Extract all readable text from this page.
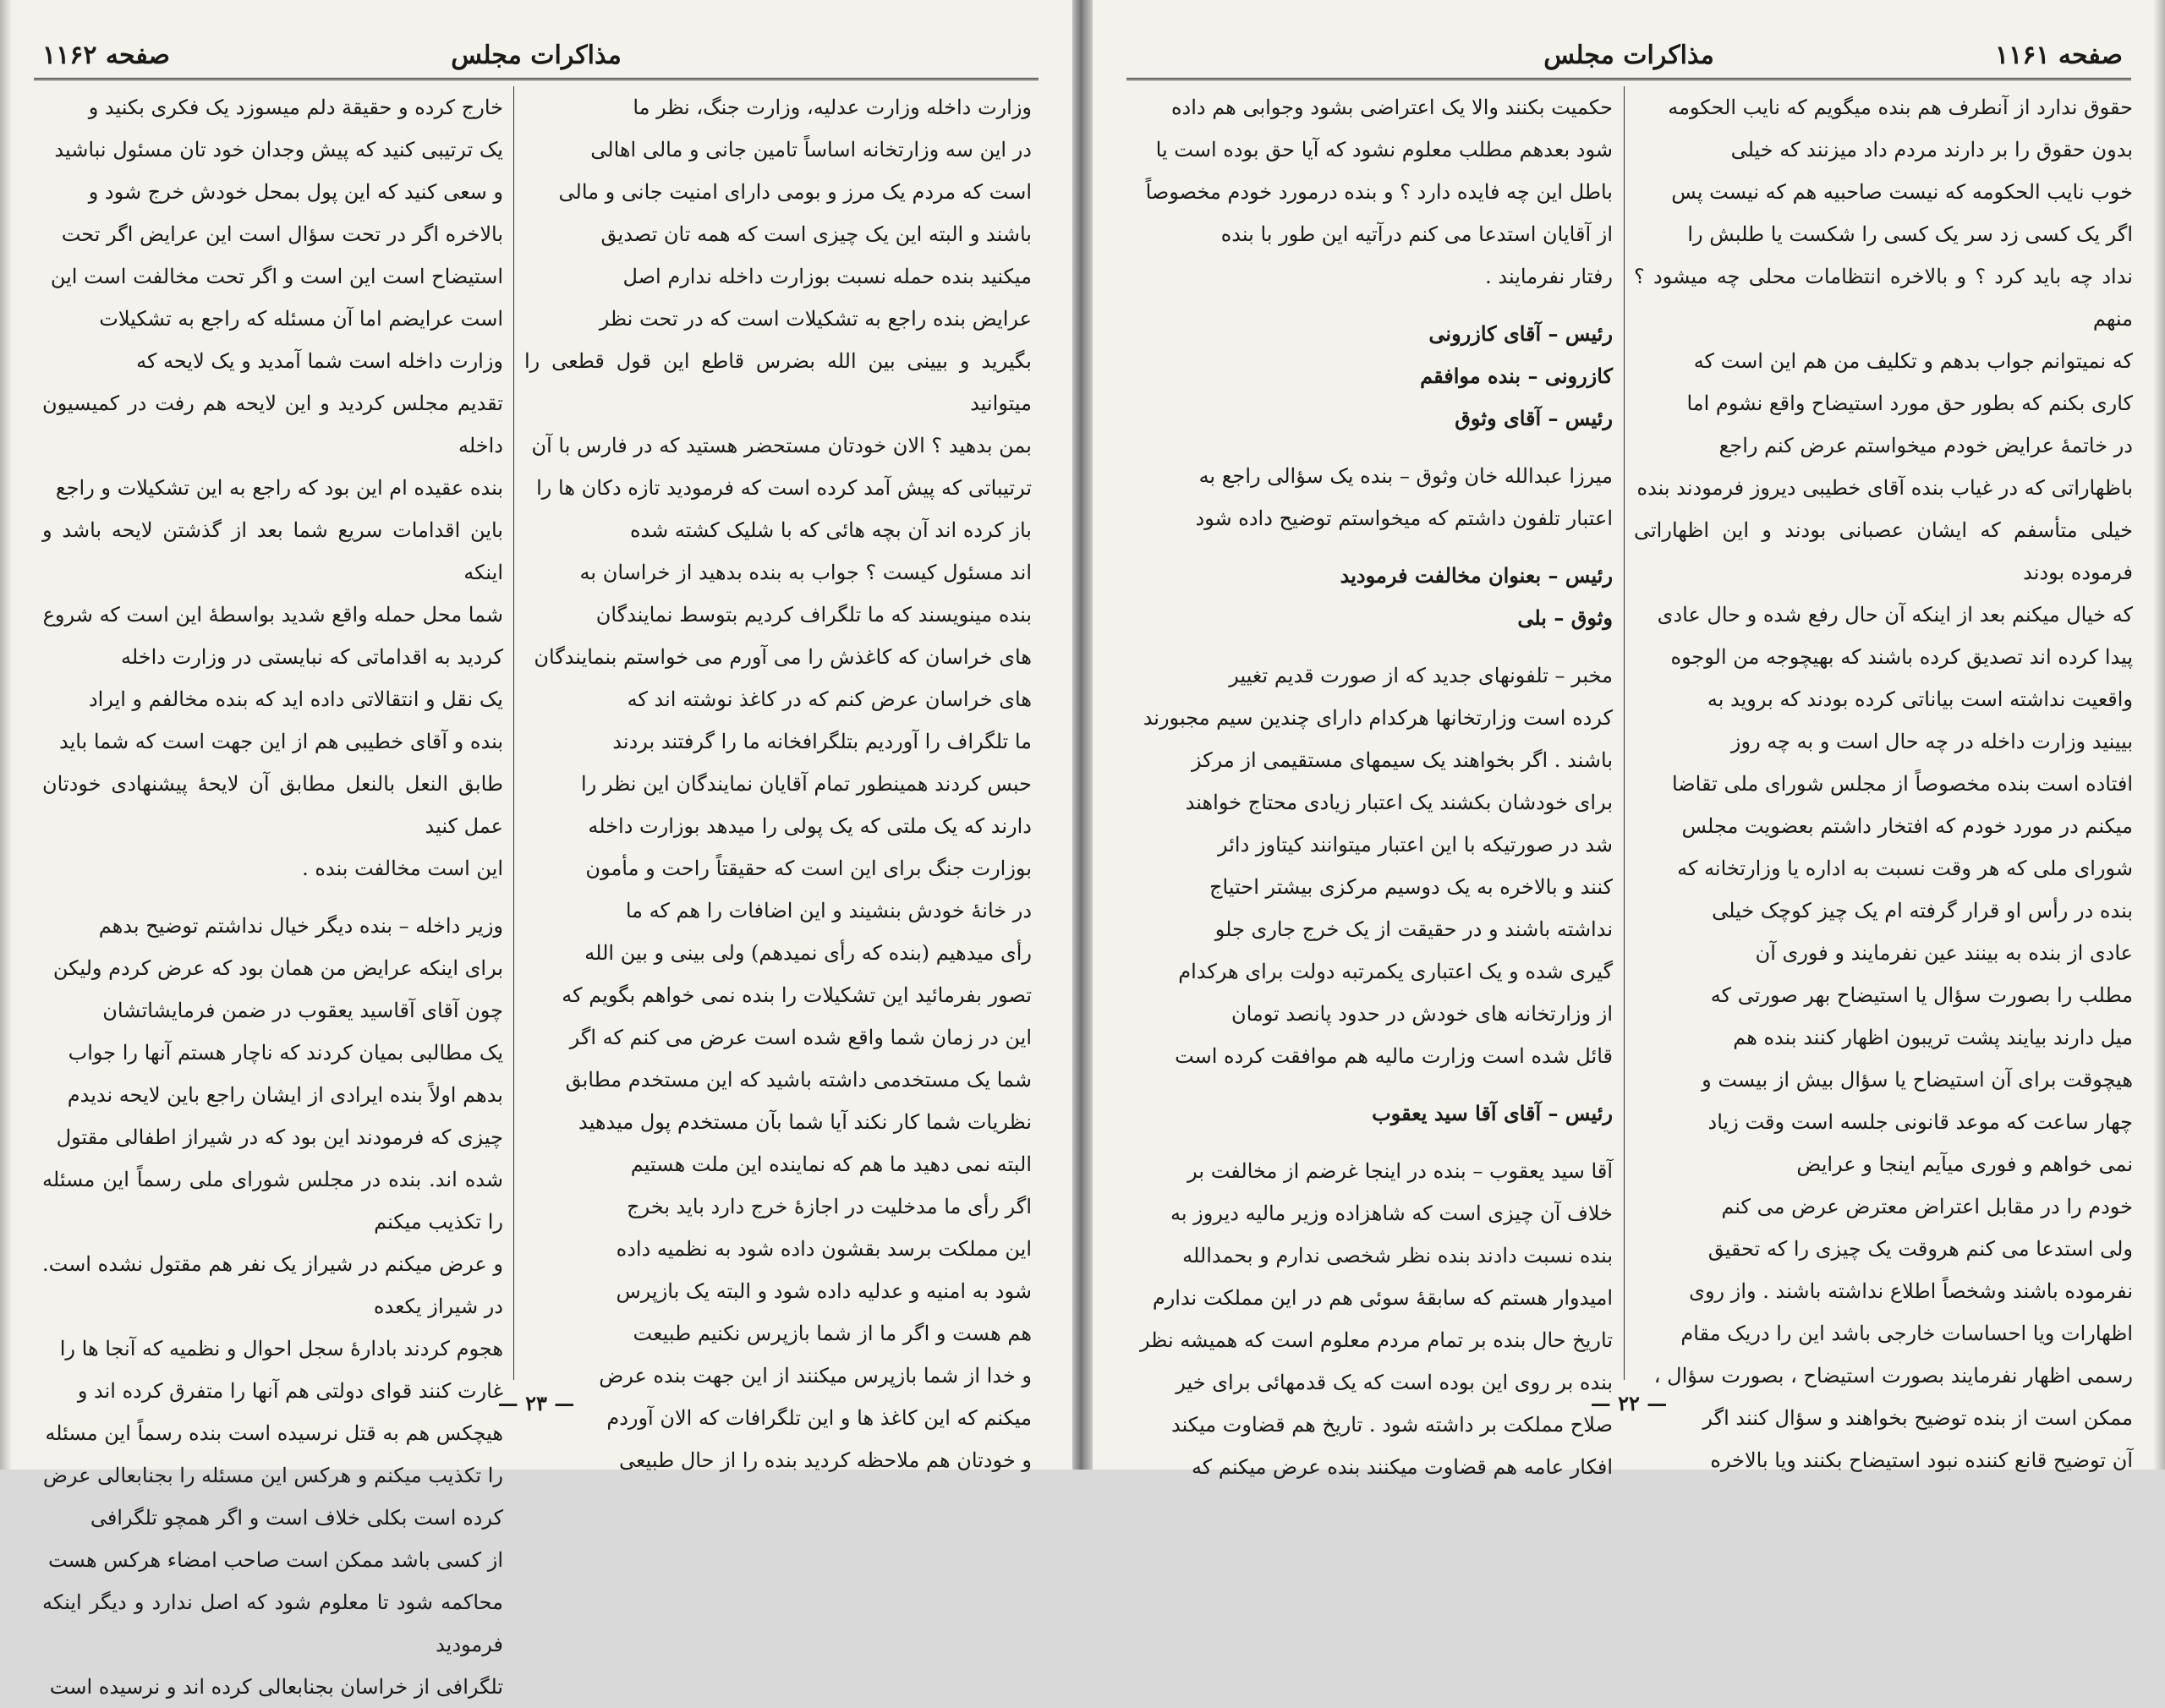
مذاکرات مجلس
صفحه ۱۱۶۲

وزارت داخله وزارت عدلیه، وزارت جنگ، نظر ما

در این سه وزارتخانه اساساً تامین جانی و مالی اهالی

است که مردم یک مرز و بومی دارای امنیت جانی و مالی

باشند و البته این یک چیزی است که همه تان تصدیق

میکنید بنده حمله نسبت بوزارت داخله ندارم اصل

عرایض بنده راجع به تشکیلات است که در تحت نظر

بگیرید و بیینی بین الله بضرس قاطع این قول قطعی را میتوانید

بمن بدهید ؟ الان خودتان مستحضر هستید که در فارس با آن

ترتیباتی که پیش آمد کرده است که فرمودید تازه دکان ها را

باز کرده اند آن بچه هائی که با شلیک کشته شده

اند مسئول کیست ؟ جواب به بنده بدهید از خراسان به

بنده مینویسند که ما تلگراف کردیم بتوسط نمایندگان

های خراسان که کاغذش را می آورم می خواستم بنمایندگان

های خراسان عرض کنم که در کاغذ نوشته اند که

ما تلگراف را آوردیم بتلگرافخانه ما را گرفتند بردند

حبس کردند همینطور تمام آقایان نمایندگان این نظر را

دارند که یک ملتی که یک پولی را میدهد بوزارت داخله

بوزارت جنگ برای این است که حقیقتاً راحت و مأمون

در خانهٔ خودش بنشیند و این اضافات را هم که ما

رأی میدهیم (بنده که رأی نمیدهم) ولی بینی و بین الله

تصور بفرمائید این تشکیلات را بنده نمی خواهم بگویم که

این در زمان شما واقع شده است عرض می کنم که اگر

شما یک مستخدمی داشته باشید که این مستخدم مطابق

نظریات شما کار نکند آیا شما بآن مستخدم پول میدهید

البته نمی دهید ما هم که نماینده این ملت هستیم

اگر رأی ما مدخلیت در اجازهٔ خرج دارد باید بخرج

این مملکت برسد بقشون داده شود به نظمیه داده

شود به امنیه و عدلیه داده شود و البته یک بازپرس

هم هست و اگر ما از شما بازپرس نکنیم طبیعت

و خدا از شما بازپرس میکنند از این جهت بنده عرض

میکنم که این کاغذ ها و این تلگرافات که الان آوردم

و خودتان هم ملاحظه کردید بنده را از حال طبیعی

خارج کرده و حقیقة دلم میسوزد یک فکری بکنید و

یک ترتیبی کنید که پیش وجدان خود تان مسئول نباشید

و سعی کنید که این پول بمحل خودش خرج شود و

بالاخره اگر در تحت سؤال است این عرایض اگر تحت

استیضاح است این است و اگر تحت مخالفت است این

است عرایضم اما آن مسئله که راجع به تشکیلات

وزارت داخله است شما آمدید و یک لایحه که

تقدیم مجلس کردید و این لایحه هم رفت در کمیسیون داخله

بنده عقیده ام این بود که راجع به این تشکیلات و راجع

باین اقدامات سریع شما بعد از گذشتن لایحه باشد و اینکه

شما محل حمله واقع شدید بواسطهٔ این است که شروع

کردید به اقداماتی که نبایستی در وزارت داخله

یک نقل و انتقالاتی داده اید که بنده مخالفم و ایراد

بنده و آقای خطیبی هم از این جهت است که شما باید

طابق النعل بالنعل مطابق آن لایحهٔ پیشنهادی خودتان عمل کنید

این است مخالفت بنده .

وزیر داخله – بنده دیگر خیال نداشتم توضیح بدهم

برای اینکه عرایض من همان بود که عرض کردم ولیکن

چون آقای آقاسید یعقوب در ضمن فرمایشاتشان

یک مطالبی بمیان کردند که ناچار هستم آنها را جواب

بدهم اولاً بنده ایرادی از ایشان راجع باین لایحه ندیدم

چیزی که فرمودند این بود که در شیراز اطفالی مقتول

شده اند. بنده در مجلس شورای ملی رسماً این مسئله را تکذیب میکنم

و عرض میکنم در شیراز یک نفر هم مقتول نشده است. در شیراز یکعده

هجوم کردند بادارهٔ سجل احوال و نظمیه که آنجا ها را

غارت کنند قوای دولتی هم آنها را متفرق کرده اند و

هیچکس هم به قتل نرسیده است بنده رسماً این مسئله

را تکذیب میکنم و هرکس این مسئله را بجنابعالی عرض

کرده است بکلی خلاف است و اگر همچو تلگرافی

از کسی باشد ممکن است صاحب امضاء هرکس هست

محاکمه شود تا معلوم شود که اصل ندارد و دیگر اینکه فرمودید

تلگرافی از خراسان بجنابعالی کرده اند و نرسیده است

— ۲۳ —
مذاکرات مجلس	صفحه ۱۱۶۱

حقوق ندارد از آنطرف هم بنده میگویم که نایب الحکومه

بدون حقوق را بر دارند مردم داد میزنند که خیلی

خوب نایب الحکومه که نیست صاحبیه هم که نیست پس

اگر یک کسی زد سر یک کسی را شکست یا طلبش را

نداد چه باید کرد ؟ و بالاخره انتظامات محلی چه میشود ؟ منهم

که نمیتوانم جواب بدهم و تکلیف من هم این است که

کاری بکنم که بطور حق مورد استیضاح واقع نشوم اما

در خاتمهٔ عرایض خودم میخواستم عرض کنم راجع

باظهاراتی که در غیاب بنده آقای خطیبی دیروز فرمودند بنده

خیلی متأسفم که ایشان عصبانی بودند و این اظهاراتی فرموده بودند

که خیال میکنم بعد از اینکه آن حال رفع شده و حال عادی

پیدا کرده اند تصدیق کرده باشند که بهیچوجه من الوجوه

واقعیت نداشته است بیاناتی کرده بودند که بروید به

بیینید وزارت داخله در چه حال است و به چه روز

افتاده است بنده مخصوصاً از مجلس شورای ملی تقاضا

میکنم در مورد خودم که افتخار داشتم بعضویت مجلس

شورای ملی که هر وقت نسبت به اداره یا وزارتخانه که

بنده در رأس او قرار گرفته ام یک چیز کوچک خیلی

عادی از بنده به بینند عین نفرمایند و فوری آن

مطلب را بصورت سؤال یا استیضاح بهر صورتی که

میل دارند بیایند پشت تریبون اظهار کنند بنده هم

هیچوقت برای آن استیضاح یا سؤال بیش از بیست و

چهار ساعت که موعد قانونی جلسه است وقت زیاد

نمی خواهم و فوری میآیم اینجا و عرایض

خودم را در مقابل اعتراض معترض عرض می کنم

ولی استدعا می کنم هروقت یک چیزی را که تحقیق

نفرموده باشند وشخصاً اطلاع نداشته باشند . واز روی

اظهارات ویا احساسات خارجی باشد این را دریک مقام

رسمی اظهار نفرمایند بصورت استیضاح ، بصورت سؤال ،

ممکن است از بنده توضیح بخواهند و سؤال کنند اگر

آن توضیح قانع کننده نبود استیضاح بکنند ویا بالاخره

حکمیت بکنند والا یک اعتراضی بشود وجوابی هم داده

شود بعدهم مطلب معلوم نشود که آیا حق بوده است یا

باطل این چه فایده دارد ؟ و بنده درمورد خودم مخصوصاً

از آقایان استدعا می کنم درآتیه این طور با بنده

رفتار نفرمایند .

رئیس – آقای کازرونی

کازرونی – بنده موافقم

رئیس – آقای وثوق

میرزا عبدالله خان وثوق – بنده یک سؤالی راجع به

اعتبار تلفون داشتم که میخواستم توضیح داده شود

رئیس – بعنوان مخالفت فرمودید

وثوق – بلی

مخبر – تلفونهای جدید که از صورت قدیم تغییر

کرده است وزارتخانها هرکدام دارای چندین سیم مجبورند

باشند . اگر بخواهند یک سیمهای مستقیمی از مرکز

برای خودشان بکشند یک اعتبار زیادی محتاج خواهند

شد در صورتیکه با این اعتبار میتوانند کیتاوز دائر

کنند و بالاخره به یک دوسیم مرکزی بیشتر احتیاج

نداشته باشند و در حقیقت از یک خرج جاری جلو

گیری شده و یک اعتباری یکمرتبه دولت برای هرکدام

از وزارتخانه های خودش در حدود پانصد تومان

قائل شده است وزارت مالیه هم موافقت کرده است

رئیس – آقای آقا سید یعقوب

آقا سید یعقوب – بنده در اینجا غرضم از مخالفت بر

خلاف آن چیزی است که شاهزاده وزیر مالیه دیروز به

بنده نسبت دادند بنده نظر شخصی ندارم و بحمدالله

امیدوار هستم که سابقهٔ سوئی هم در این مملکت ندارم

تاریخ حال بنده بر تمام مردم معلوم است که همیشه نظر

بنده بر روی این بوده است که یک قدمهائی برای خیر

صلاح مملکت بر داشته شود . تاریخ هم قضاوت میکند

افکار عامه هم قضاوت میکنند بنده عرض میکنم که

— ۲۲ —
